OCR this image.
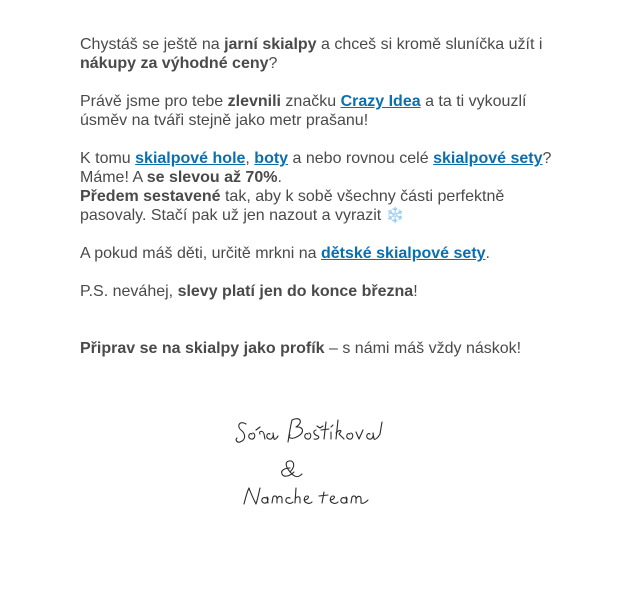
Chystáš se ještě na jarní skialpy a chceš si kromě sluníčka užít i nákupy za výhodné ceny?

Právě jsme pro tebe zlevnili značku Crazy Idea a ta ti vykouzlí úsměv na tváři stejně jako metr prašanu!

K tomu skialpové hole, boty a nebo rovnou celé skialpové sety? Máme! A se slevou až 70%.
Předem sestavené tak, aby k sobě všechny části perfektně pasovaly. Stačí pak už jen nazout a vyrazit ❄️

A pokud máš děti, určitě mrkni na dětské skialpové sety.

P.S. neváhej, slevy platí jen do konce března!

Připrav se na skialpy jako profík – s námi máš vždy náskok!
